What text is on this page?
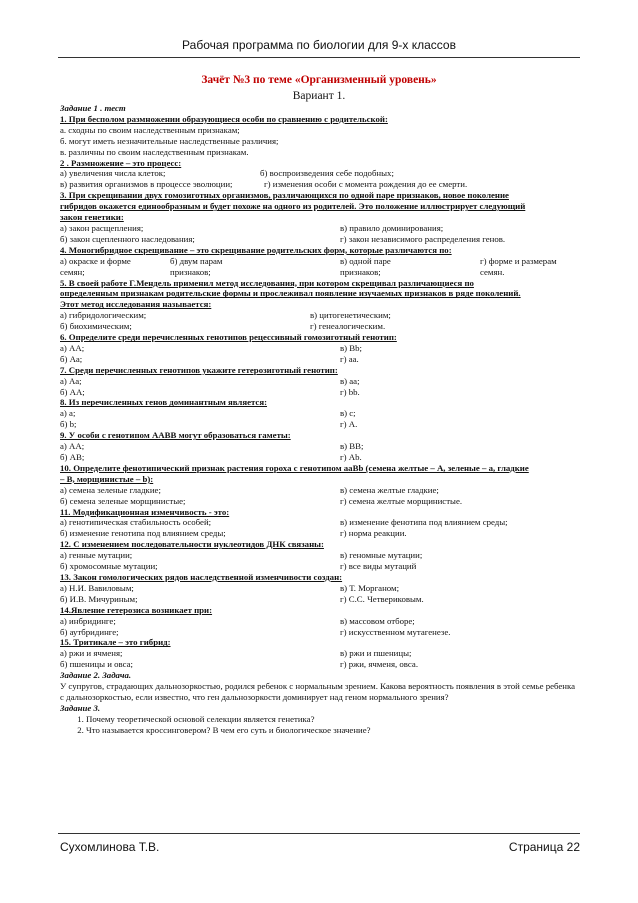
Рабочая программа по биологии для 9-х классов
Зачёт №3 по теме «Организменный уровень»
Вариант 1.
Задание 1 . тест
1. При бесполом размножении образующиеся особи по сравнению с родительской:
а. сходны по своим наследственным признакам;
б. могут иметь незначительные наследственные различия;
в. различны по своим наследственным признакам.
2 . Размножение – это процесс:
а) увеличения числа клеток;	б) воспроизведения себе подобных;
в) развития организмов в процессе эволюции;	г) изменения особи с момента рождения до ее смерти.
3. При скрещивании двух гомозиготных организмов, различающихся по одной паре признаков, новое поколение
гибридов окажется единообразным и будет похоже на одного из родителей. Это положение иллюстрирует следующий
закон генетики:
а) закон расщепления;	в) правило доминирования;
б) закон сцепленного наследования;	г) закон независимого распределения генов.
4. Моногибридное скрещивание – это скрещивание родительских форм, которые различаются по:
а) окраске и форме	б) двум парам	в) одной паре	г) форме и размерам
семян;	признаков;	признаков;	семян.
5. В своей работе Г.Мендель применил метод исследования, при котором скрещивал различающиеся по
определенным признакам родительские формы и прослеживал появление изучаемых признаков в ряде поколений.
Этот метод исследования называется:
а) гибридологическим;	в) цитогенетическим;
б) биохимическим;	г) генеалогическим.
6. Определите среди перечисленных генотипов рецессивный гомозиготный генотип:
а) АА;	в) Вb;
б) Аа;	г) аа.
7. Среди перечисленных генотипов укажите гетерозиготный генотип:
а) Аа;	в) аа;
б) АА;	г) bb.
8. Из перечисленных генов доминантным является:
а) а;	в) с;
б) b;	г) А.
9. У особи с генотипом ААВВ могут образоваться гаметы:
а) АА;	в) ВВ;
б) АВ;	г) Аb.
10. Определите фенотипический признак растения гороха с генотипом ааВb (семена желтые – А, зеленые – а, гладкие
– В, морщинистые – b):
а) семена зеленые гладкие;	в) семена желтые гладкие;
б) семена зеленые морщинистые;	г) семена желтые морщинистые.
11. Модификационная изменчивость - это:
а) генотипическая стабильность особей;	в) изменение фенотипа под влиянием среды;
б) изменение генотипа под влиянием среды;	г) норма реакции.
12. С изменением последовательности нуклеотидов ДНК связаны:
а) генные мутации;	в) геномные мутации;
б) хромосомные мутации;	г) все виды мутаций
13. Закон гомологических рядов наследственной изменчивости создан:
а) Н.И. Вавиловым;	в) Т. Морганом;
б) И.В. Мичуриным;	г) С.С. Четвериковым.
14.Явление гетерозиса возникает при:
а) инбридинге;	в) массовом отборе;
б) аутбридинге;	г) искусственном мутагенезе.
15. Тритикале – это гибрид:
а) ржи и ячменя;	в) ржи и пшеницы;
б) пшеницы и овса;	г) ржи, ячменя, овса.
Задание 2. Задача.
У супругов, страдающих дальнозоркостью, родился ребенок с нормальным зрением. Какова вероятность появления в этой семье ребенка с дальнозоркостью, если известно, что ген дальнозоркости доминирует над геном нормального зрения?
Задание 3.
1. Почему теоретической основой селекции является генетика?
2. Что называется кроссинговером? В чем его суть и биологическое значение?
Сухомлинова Т.В.	Страница 22
